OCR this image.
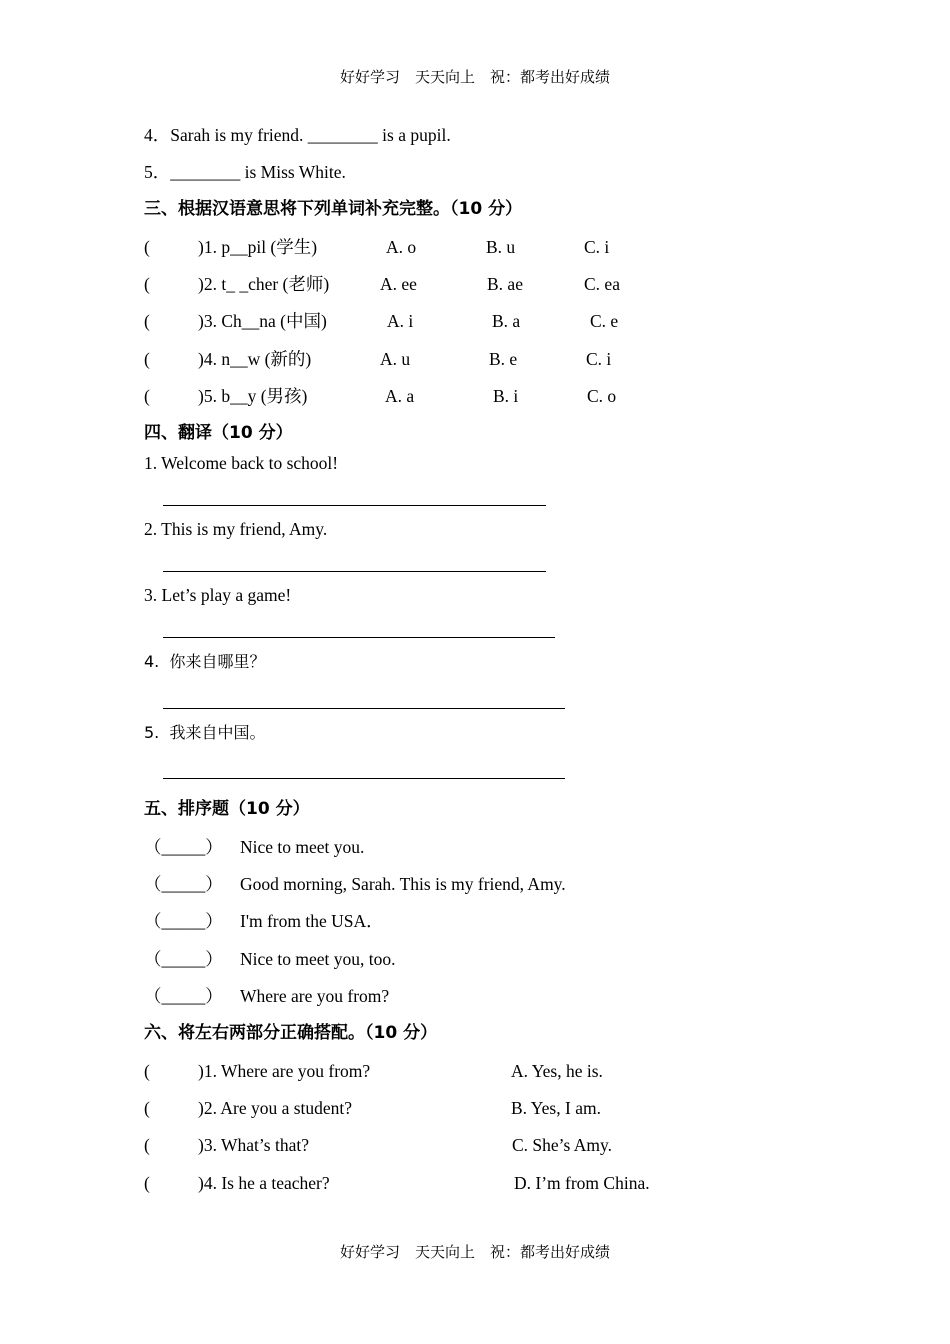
好好学习　天天向上　祝：都考出好成绩
4．Sarah is my friend. ________ is a pupil.
5．________ is Miss White.
三、根据汉语意思将下列单词补充完整。（10 分）
(	)1. p__pil (学生)	A. o	B. u	C. i
(	)2. t_ _cher (老师)	A. ee	B. ae	C. ea
(	)3. Ch__na (中国)	A. i	B. a	C. e
(	)4. n__w (新的)	A. u	B. e	C. i
(	)5. b__y (男孩)	A. a	B. i	C. o
四、翻译（10 分）
1. Welcome back to school!
2. This is my friend, Amy.
3. Let’s play a game!
4.  你来自哪里？
5.  我来自中国。
五、排序题（10 分）
（_____） Nice to meet you.
（_____） Good morning, Sarah. This is my friend, Amy.
（_____） I'm from the USA．
（_____） Nice to meet you, too.
（_____） Where are you from?
六、将左右两部分正确搭配。（10 分）
(	)1. Where are you from?	A. Yes, he is.
(	)2. Are you a student?	B. Yes, I am.
(	)3. What’s that?	C. She’s Amy.
(	)4. Is he a teacher?	D. I’m from China.
好好学习　天天向上　祝：都考出好成绩
